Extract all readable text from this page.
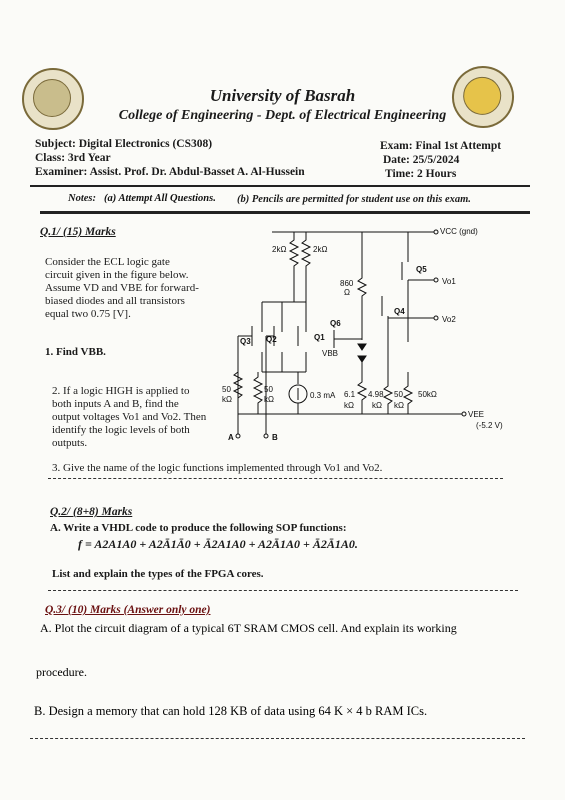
University of Basrah
College of Engineering - Dept. of Electrical Engineering
Subject: Digital Electronics (CS308)
Class: 3rd Year
Examiner: Assist. Prof. Dr. Abdul-Basset A. Al-Hussein
Exam: Final 1st Attempt
Date: 25/5/2024
Time: 2 Hours
Notes: (a) Attempt All Questions. (b) Pencils are permitted for student use on this exam.
Q.1/ (15) Marks
Consider the ECL logic gate
circuit given in the figure below.
Assume VD and VBE for forward-
biased diodes and all transistors
equal two 0.75 [V].
1. Find VBB.
2. If a logic HIGH is applied to
both inputs A and B, find the
output voltages Vo1 and Vo2. Then
identify the logic levels of both
outputs.
3. Give the name of the logic functions implemented through Vo1 and Vo2.
VCC (gnd)
VEE
(-5.2 V)
2kΩ	2kΩ
860
Ω
50
kΩ
50
kΩ	0.3 mA 6.1
kΩ
4.98
kΩ
50
kΩ
50kΩ
Q3 Q2	Q1
Q6
Q4
Q5
VBB
Vo1
Vo2
A	B
Q.2/ (8+8) Marks
A. Write a VHDL code to produce the following SOP functions:
f = A2A1A0 + A2Ā1Ā0 + Ā2A1A0 + A2Ā1A0 + Ā2Ā1A0.
List and explain the types of the FPGA cores.
Q.3/ (10) Marks (Answer only one)
A. Plot the circuit diagram of a typical 6T SRAM CMOS cell. And explain its working
procedure.
B. Design a memory that can hold 128 KB of data using 64 K × 4 b RAM ICs.
